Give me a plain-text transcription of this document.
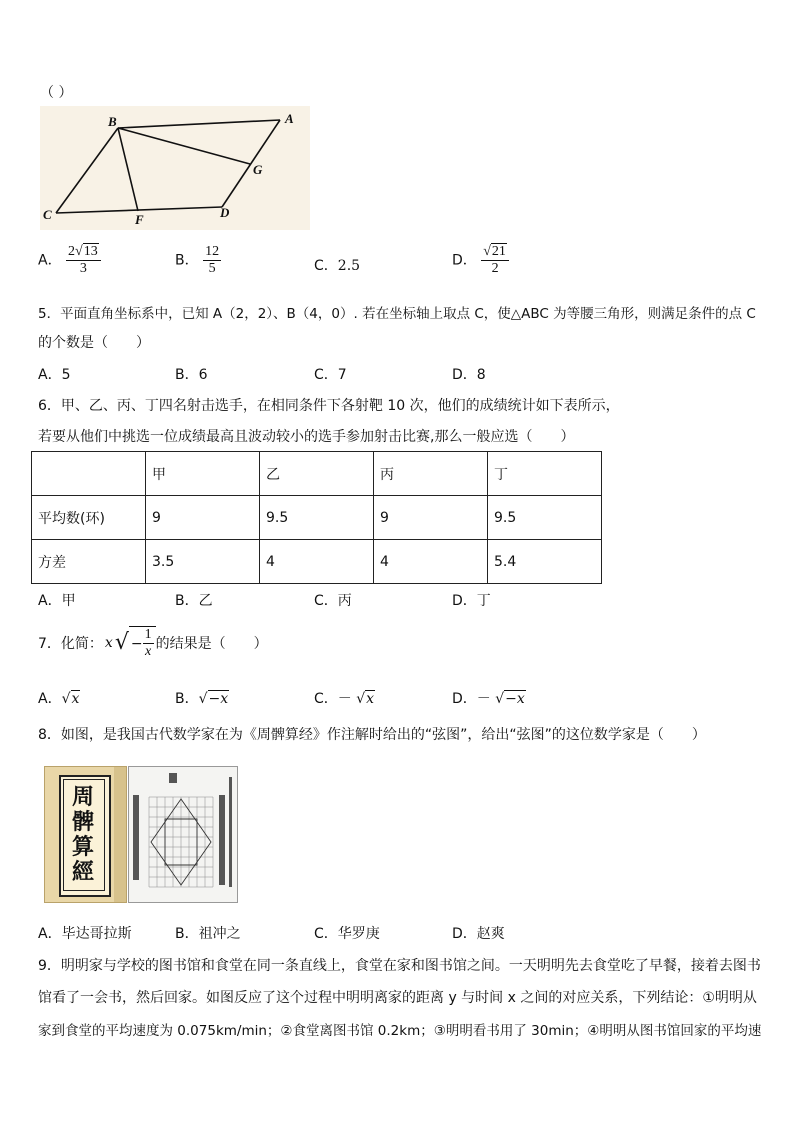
（ ）
B	A
G
C	F	D
A． $\frac{2√13}{3}$	B． $\frac{12}{5}$	C．2.5	D． $\frac{√21}{2}$
5．平面直角坐标系中，已知 A（2，2）、B（4，0）. 若在坐标轴上取点 C，使△ABC 为等腰三角形，则满足条件的点 C
的个数是（　　）
A．5	B．6	C．7	D．8
6．甲、乙、丙、丁四名射击选手，在相同条件下各射靶 10 次，他们的成绩统计如下表所示，
若要从他们中挑选一位成绩最高且波动较小的选手参加射击比赛,那么一般应选（　　）
	甲	乙	丙	丁
平均数(环)	9	9.5	9	9.5
方差	3.5	4	4	5.4
A．甲	B．乙	C．丙	D．丁
7．化简： x √ − $\frac{1}{x}$ 的结果是（　　）
A．√x	B．√−x	C．－ √x	D．－ √−x
8．如图，是我国古代数学家在为《周髀算经》作注解时给出的“弦图”，给出“弦图”的这位数学家是（　　）
周
髀
算
經
A．毕达哥拉斯	B．祖冲之	C．华罗庚	D．赵爽
9．明明家与学校的图书馆和食堂在同一条直线上，食堂在家和图书馆之间。一天明明先去食堂吃了早餐，接着去图书
馆看了一会书，然后回家。如图反应了这个过程中明明离家的距离 y 与时间 x 之间的对应关系，下列结论：①明明从
家到食堂的平均速度为 0.075km/min；②食堂离图书馆 0.2km；③明明看书用了 30min；④明明从图书馆回家的平均速
